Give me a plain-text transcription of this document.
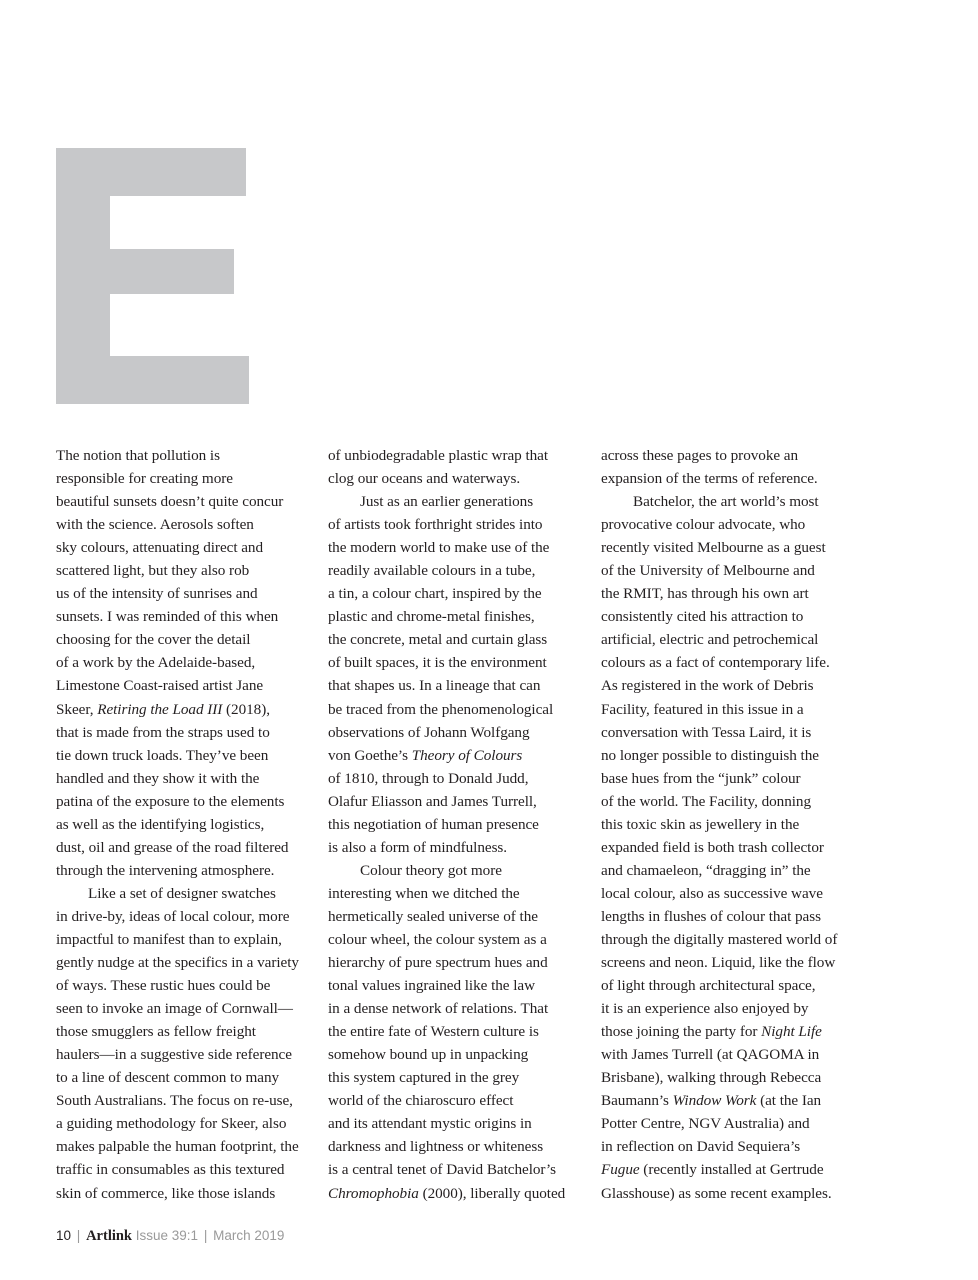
The notion that pollution is
responsible for creating more
beautiful sunsets doesn’t quite concur
with the science. Aerosols soften
sky colours, attenuating direct and
scattered light, but they also rob
us of the intensity of sunrises and
sunsets. I was reminded of this when
choosing for the cover the detail
of a work by the Adelaide-based,
Limestone Coast-raised artist Jane
Skeer, Retiring the Load III (2018),
that is made from the straps used to
tie down truck loads. They’ve been
handled and they show it with the
patina of the exposure to the elements
as well as the identifying logistics,
dust, oil and grease of the road filtered
through the intervening atmosphere.
Like a set of designer swatches
in drive-by, ideas of local colour, more
impactful to manifest than to explain,
gently nudge at the specifics in a variety
of ways. These rustic hues could be
seen to invoke an image of Cornwall—
those smugglers as fellow freight
haulers—in a suggestive side reference
to a line of descent common to many
South Australians. The focus on re-use,
a guiding methodology for Skeer, also
makes palpable the human footprint, the
traffic in consumables as this textured
skin of commerce, like those islands
of unbiodegradable plastic wrap that
clog our oceans and waterways.
Just as an earlier generations
of artists took forthright strides into
the modern world to make use of the
readily available colours in a tube,
a tin, a colour chart, inspired by the
plastic and chrome-metal finishes,
the concrete, metal and curtain glass
of built spaces, it is the environment
that shapes us. In a lineage that can
be traced from the phenomenological
observations of Johann Wolfgang
von Goethe’s Theory of Colours
of 1810, through to Donald Judd,
Olafur Eliasson and James Turrell,
this negotiation of human presence
is also a form of mindfulness.
Colour theory got more
interesting when we ditched the
hermetically sealed universe of the
colour wheel, the colour system as a
hierarchy of pure spectrum hues and
tonal values ingrained like the law
in a dense network of relations. That
the entire fate of Western culture is
somehow bound up in unpacking
this system captured in the grey
world of the chiaroscuro effect
and its attendant mystic origins in
darkness and lightness or whiteness
is a central tenet of David Batchelor’s
Chromophobia (2000), liberally quoted
across these pages to provoke an
expansion of the terms of reference.
Batchelor, the art world’s most
provocative colour advocate, who
recently visited Melbourne as a guest
of the University of Melbourne and
the RMIT, has through his own art
consistently cited his attraction to
artificial, electric and petrochemical
colours as a fact of contemporary life.
As registered in the work of Debris
Facility, featured in this issue in a
conversation with Tessa Laird, it is
no longer possible to distinguish the
base hues from the “junk” colour
of the world. The Facility, donning
this toxic skin as jewellery in the
expanded field is both trash collector
and chamaeleon, “dragging in” the
local colour, also as successive wave
lengths in flushes of colour that pass
through the digitally mastered world of
screens and neon. Liquid, like the flow
of light through architectural space,
it is an experience also enjoyed by
those joining the party for Night Life
with James Turrell (at QAGOMA in
Brisbane), walking through Rebecca
Baumann’s Window Work (at the Ian
Potter Centre, NGV Australia) and
in reflection on David Sequiera’s
Fugue (recently installed at Gertrude
Glasshouse) as some recent examples.
10 | Artlink Issue 39:1 | March 2019
